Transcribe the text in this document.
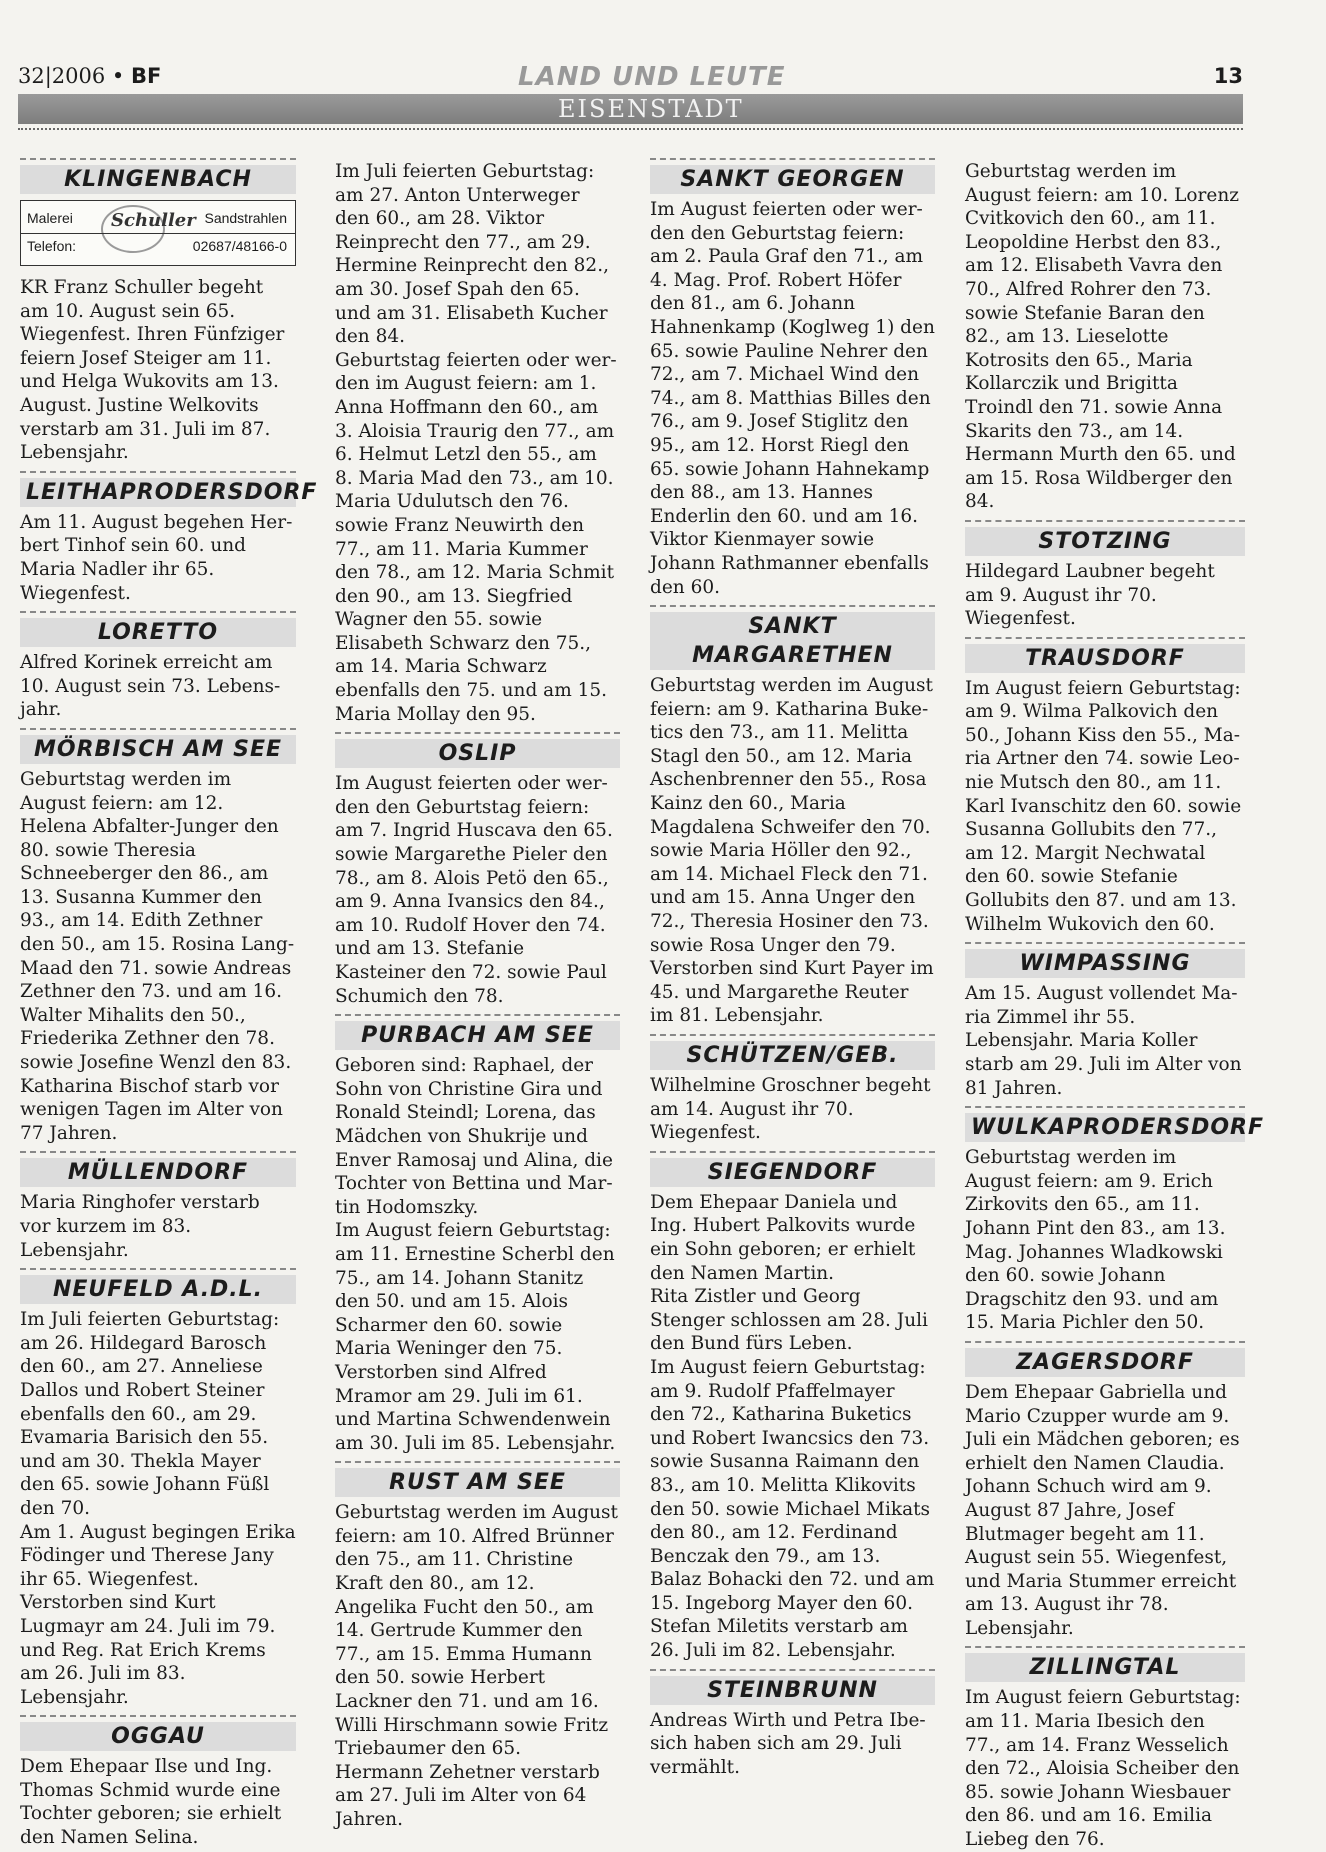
32|2006 • BF	LAND UND LEUTE	13
EISENSTADT
KLINGENBACH
Malerei	Sandstrahlen
Schuller
Telefon:	02687/48166-0

KR Franz Schuller begeht am 10. August sein 65. Wiegenfest. Ihren Fünfziger feiern Josef Steiger am 11. und Helga Wukovits am 13. August. Justine Welkovits verstarb am 31. Juli im 87. Lebensjahr.

LEITHAPRODERSDORF

Am 11. August begehen Herbert Tinhof sein 60. und Maria Nadler ihr 65. Wiegenfest.

LORETTO

Alfred Korinek erreicht am 10. August sein 73. Lebensjahr.

MÖRBISCH AM SEE

Geburtstag werden im August feiern: am 12. Helena Abfalter-Junger den 80. sowie Theresia Schneeberger den 86., am 13. Susanna Kummer den 93., am 14. Edith Zethner den 50., am 15. Rosina Lang-Maad den 71. sowie Andreas Zethner den 73. und am 16. Walter Mihalits den 50., Friederika Zethner den 78. sowie Josefine Wenzl den 83.
Katharina Bischof starb vor wenigen Tagen im Alter von 77 Jahren.

MÜLLENDORF

Maria Ringhofer verstarb vor kurzem im 83. Lebensjahr.

NEUFELD A.D.L.

Im Juli feierten Geburtstag: am 26. Hildegard Barosch den 60., am 27. Anneliese Dallos und Robert Steiner ebenfalls den 60., am 29. Evamaria Barisich den 55. und am 30. Thekla Mayer den 65. sowie Johann Füßl den 70.
Am 1. August begingen Erika Födinger und Therese Jany ihr 65. Wiegenfest.
Verstorben sind Kurt Lugmayr am 24. Juli im 79. und Reg. Rat Erich Krems am 26. Juli im 83. Lebensjahr.

OGGAU

Dem Ehepaar Ilse und Ing. Thomas Schmid wurde eine Tochter geboren; sie erhielt den Namen Selina.

Im Juli feierten Geburtstag: am 27. Anton Unterweger den 60., am 28. Viktor Reinprecht den 77., am 29. Hermine Reinprecht den 82., am 30. Josef Spah den 65. und am 31. Elisabeth Kucher den 84.
Geburtstag feierten oder werden im August feiern: am 1. Anna Hoffmann den 60., am 3. Aloisia Traurig den 77., am 6. Helmut Letzl den 55., am 8. Maria Mad den 73., am 10. Maria Udulutsch den 76. sowie Franz Neuwirth den 77., am 11. Maria Kummer den 78., am 12. Maria Schmit den 90., am 13. Siegfried Wagner den 55. sowie Elisabeth Schwarz den 75., am 14. Maria Schwarz ebenfalls den 75. und am 15. Maria Mollay den 95.

OSLIP

Im August feierten oder werden den Geburtstag feiern: am 7. Ingrid Huscava den 65. sowie Margarethe Pieler den 78., am 8. Alois Petö den 65., am 9. Anna Ivansics den 84., am 10. Rudolf Hover den 74. und am 13. Stefanie Kasteiner den 72. sowie Paul Schumich den 78.

PURBACH AM SEE

Geboren sind: Raphael, der Sohn von Christine Gira und Ronald Steindl; Lorena, das Mädchen von Shukrije und Enver Ramosaj und Alina, die Tochter von Bettina und Martin Hodomszky.
Im August feiern Geburtstag: am 11. Ernestine Scherbl den 75., am 14. Johann Stanitz den 50. und am 15. Alois Scharmer den 60. sowie Maria Weninger den 75.
Verstorben sind Alfred Mramor am 29. Juli im 61. und Martina Schwendenwein am 30. Juli im 85. Lebensjahr.

RUST AM SEE

Geburtstag werden im August feiern: am 10. Alfred Brünner den 75., am 11. Christine Kraft den 80., am 12. Angelika Fucht den 50., am 14. Gertrude Kummer den 77., am 15. Emma Humann den 50. sowie Herbert Lackner den 71. und am 16. Willi Hirschmann sowie Fritz Triebaumer den 65.
Hermann Zehetner verstarb am 27. Juli im Alter von 64 Jahren.

SANKT GEORGEN

Im August feierten oder werden den Geburtstag feiern: am 2. Paula Graf den 71., am 4. Mag. Prof. Robert Höfer den 81., am 6. Johann Hahnenkamp (Koglweg 1) den 65. sowie Pauline Nehrer den 72., am 7. Michael Wind den 74., am 8. Matthias Billes den 76., am 9. Josef Stiglitz den 95., am 12. Horst Riegl den 65. sowie Johann Hahnekamp den 88., am 13. Hannes Enderlin den 60. und am 16. Viktor Kienmayer sowie Johann Rathmanner ebenfalls den 60.

SANKT MARGARETHEN

Geburtstag werden im August feiern: am 9. Katharina Buketics den 73., am 11. Melitta Stagl den 50., am 12. Maria Aschenbrenner den 55., Rosa Kainz den 60., Maria Magdalena Schweifer den 70. sowie Maria Höller den 92., am 14. Michael Fleck den 71. und am 15. Anna Unger den 72., Theresia Hosiner den 73. sowie Rosa Unger den 79.
Verstorben sind Kurt Payer im 45. und Margarethe Reuter im 81. Lebensjahr.

SCHÜTZEN/GEB.

Wilhelmine Groschner begeht am 14. August ihr 70. Wiegenfest.

SIEGENDORF

Dem Ehepaar Daniela und Ing. Hubert Palkovits wurde ein Sohn geboren; er erhielt den Namen Martin.
Rita Zistler und Georg Stenger schlossen am 28. Juli den Bund fürs Leben.
Im August feiern Geburtstag: am 9. Rudolf Pfaffelmayer den 72., Katharina Buketics und Robert Iwancsics den 73. sowie Susanna Raimann den 83., am 10. Melitta Klikovits den 50. sowie Michael Mikats den 80., am 12. Ferdinand Benczak den 79., am 13. Balaz Bohacki den 72. und am 15. Ingeborg Mayer den 60.
Stefan Miletits verstarb am 26. Juli im 82. Lebensjahr.

STEINBRUNN

Andreas Wirth und Petra Ibesich haben sich am 29. Juli vermählt.

Geburtstag werden im August feiern: am 10. Lorenz Cvitkovich den 60., am 11. Leopoldine Herbst den 83., am 12. Elisabeth Vavra den 70., Alfred Rohrer den 73. sowie Stefanie Baran den 82., am 13. Lieselotte Kotrosits den 65., Maria Kollarczik und Brigitta Troindl den 71. sowie Anna Skarits den 73., am 14. Hermann Murth den 65. und am 15. Rosa Wildberger den 84.

STOTZING

Hildegard Laubner begeht am 9. August ihr 70. Wiegenfest.

TRAUSDORF

Im August feiern Geburtstag: am 9. Wilma Palkovich den 50., Johann Kiss den 55., Maria Artner den 74. sowie Leonie Mutsch den 80., am 11. Karl Ivanschitz den 60. sowie Susanna Gollubits den 77., am 12. Margit Nechwatal den 60. sowie Stefanie Gollubits den 87. und am 13. Wilhelm Wukovich den 60.

WIMPASSING

Am 15. August vollendet Maria Zimmel ihr 55. Lebensjahr. Maria Koller starb am 29. Juli im Alter von 81 Jahren.

WULKAPRODERSDORF

Geburtstag werden im August feiern: am 9. Erich Zirkovits den 65., am 11. Johann Pint den 83., am 13. Mag. Johannes Wladkowski den 60. sowie Johann Dragschitz den 93. und am 15. Maria Pichler den 50.

ZAGERSDORF

Dem Ehepaar Gabriella und Mario Czupper wurde am 9. Juli ein Mädchen geboren; es erhielt den Namen Claudia.
Johann Schuch wird am 9. August 87 Jahre, Josef Blutmager begeht am 11. August sein 55. Wiegenfest, und Maria Stummer erreicht am 13. August ihr 78. Lebensjahr.

ZILLINGTAL

Im August feiern Geburtstag: am 11. Maria Ibesich den 77., am 14. Franz Wesselich den 72., Aloisia Scheiber den 85. sowie Johann Wiesbauer den 86. und am 16. Emilia Liebeg den 76.
